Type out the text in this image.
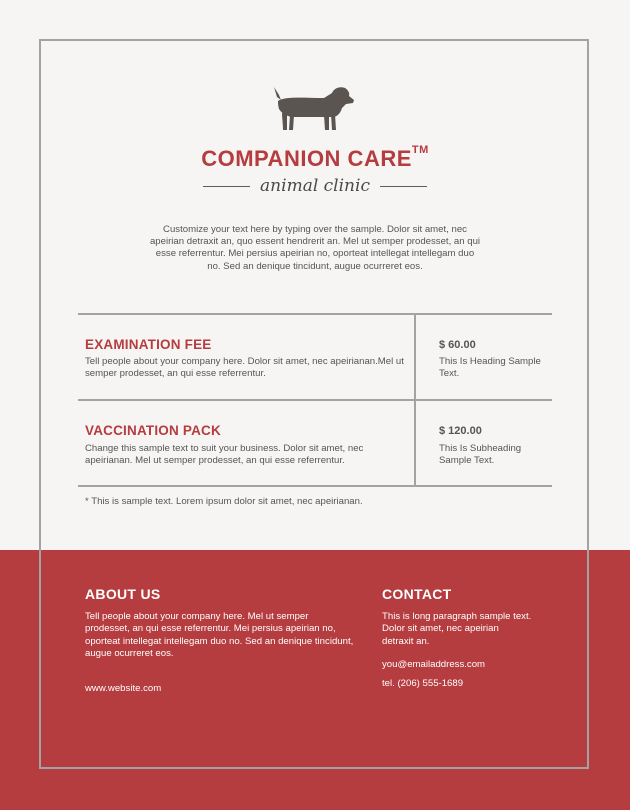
COMPANION CARE™
animal clinic
Customize your text here by typing over the sample. Dolor sit amet, nec apeirian detraxit an, quo essent hendrerit an. Mel ut semper prodesset, an qui esse referrentur. Mei persius apeirian no, oporteat intellegat intellegam duo no. Sed an denique tincidunt, augue ocurreret eos.
EXAMINATION FEE
Tell people about your company here. Dolor sit amet, nec apeirianan.Mel ut semper prodesset, an qui esse referrentur.
$ 60.00
This Is Heading Sample Text.
VACCINATION PACK
Change this sample text to suit your business. Dolor sit amet, nec apeirianan. Mel ut semper prodesset, an qui esse referrentur.
$ 120.00
This Is Subheading Sample Text.
* This is sample text. Lorem ipsum dolor sit amet, nec apeirianan.
ABOUT US
Tell people about your company here. Mel ut semper prodesset, an qui esse referrentur. Mei persius apeirian no, oporteat intellegat intellegam duo no. Sed an denique tincidunt, augue ocurreret eos.
www.website.com
CONTACT
This is long paragraph sample text. Dolor sit amet, nec apeirian detraxit an.
you@emailaddress.com
tel. (206) 555-1689
